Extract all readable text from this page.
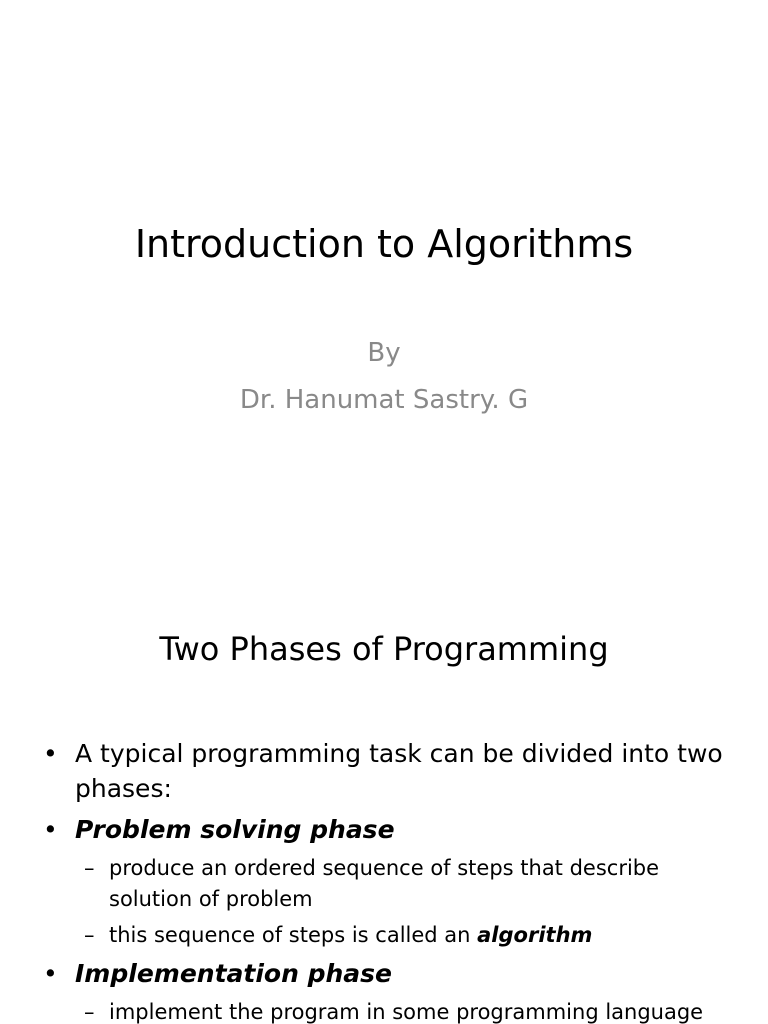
Introduction to Algorithms
By
Dr. Hanumat Sastry. G
Two Phases of Programming
• A typical programming task can be divided into two phases:
• Problem solving phase
– produce an ordered sequence of steps that describe solution of problem
– this sequence of steps is called an algorithm
• Implementation phase
– implement the program in some programming language
